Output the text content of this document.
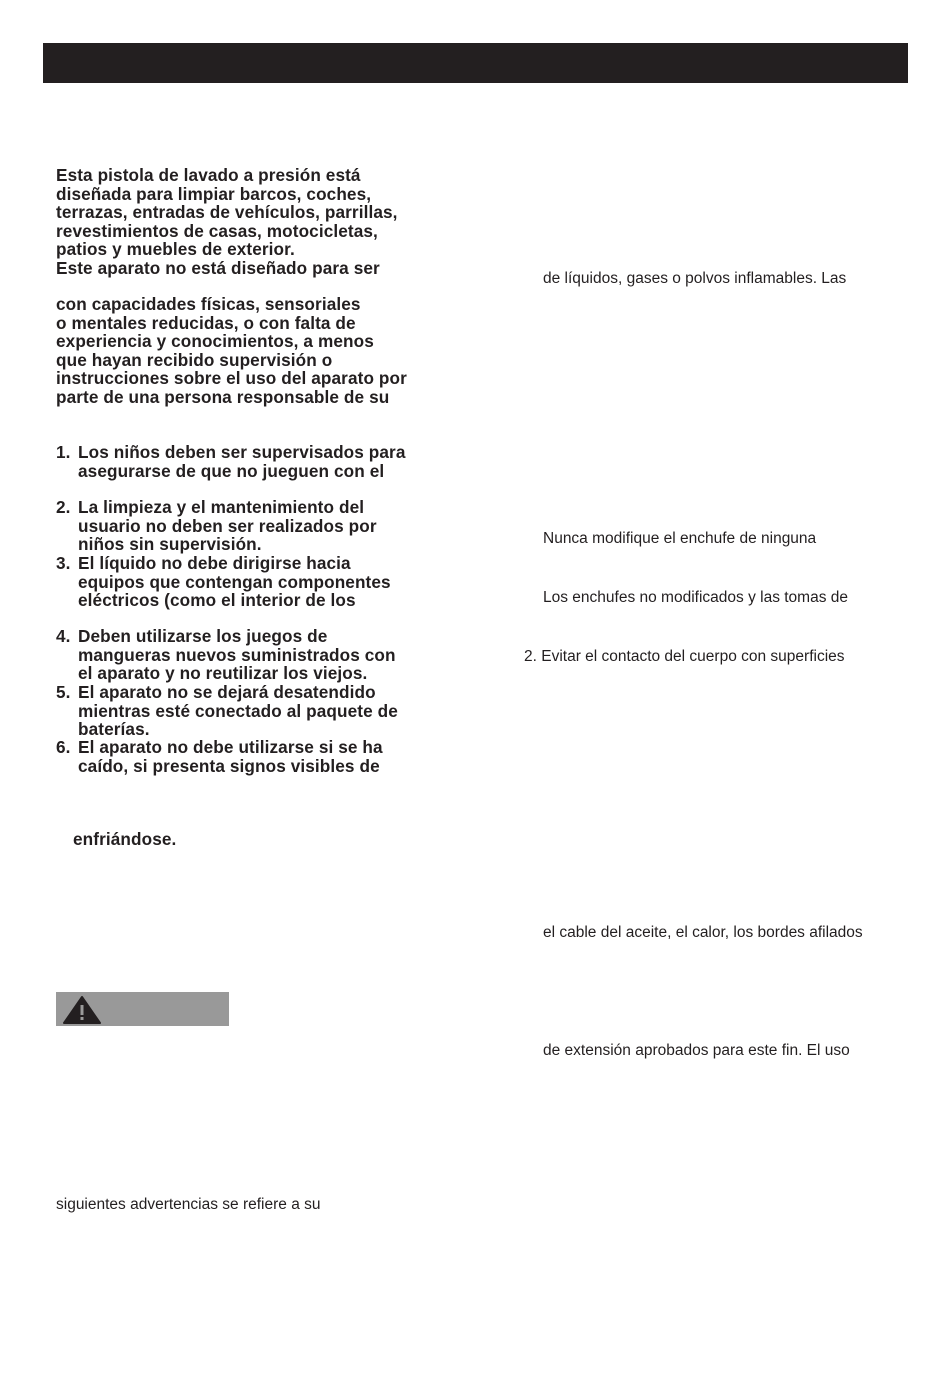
Esta pistola de lavado a presión está
diseñada para limpiar barcos, coches,
terrazas, entradas de vehículos, parrillas,
revestimientos de casas, motocicletas,
patios y muebles de exterior.
Este aparato no está diseñado para ser
con capacidades físicas, sensoriales
o mentales reducidas, o con falta de
experiencia y conocimientos, a menos
que hayan recibido supervisión o
instrucciones sobre el uso del aparato por
parte de una persona responsable de su
1. Los niños deben ser supervisados para
asegurarse de que no jueguen con el
2. La limpieza y el mantenimiento del
usuario no deben ser realizados por
niños sin supervisión.
3. El líquido no debe dirigirse hacia
equipos que contengan componentes
eléctricos (como el interior de los
4. Deben utilizarse los juegos de
mangueras nuevos suministrados con
el aparato y no reutilizar los viejos.
5. El aparato no se dejará desatendido
mientras esté conectado al paquete de
baterías.
6. El aparato no debe utilizarse si se ha
caído, si presenta signos visibles de
enfriándose.
siguientes advertencias se refiere a su
de líquidos, gases o polvos inflamables. Las
Nunca modifique el enchufe de ninguna
Los enchufes no modificados y las tomas de
2. Evitar el contacto del cuerpo con superficies
el cable del aceite, el calor, los bordes afilados
de extensión aprobados para este fin. El uso
